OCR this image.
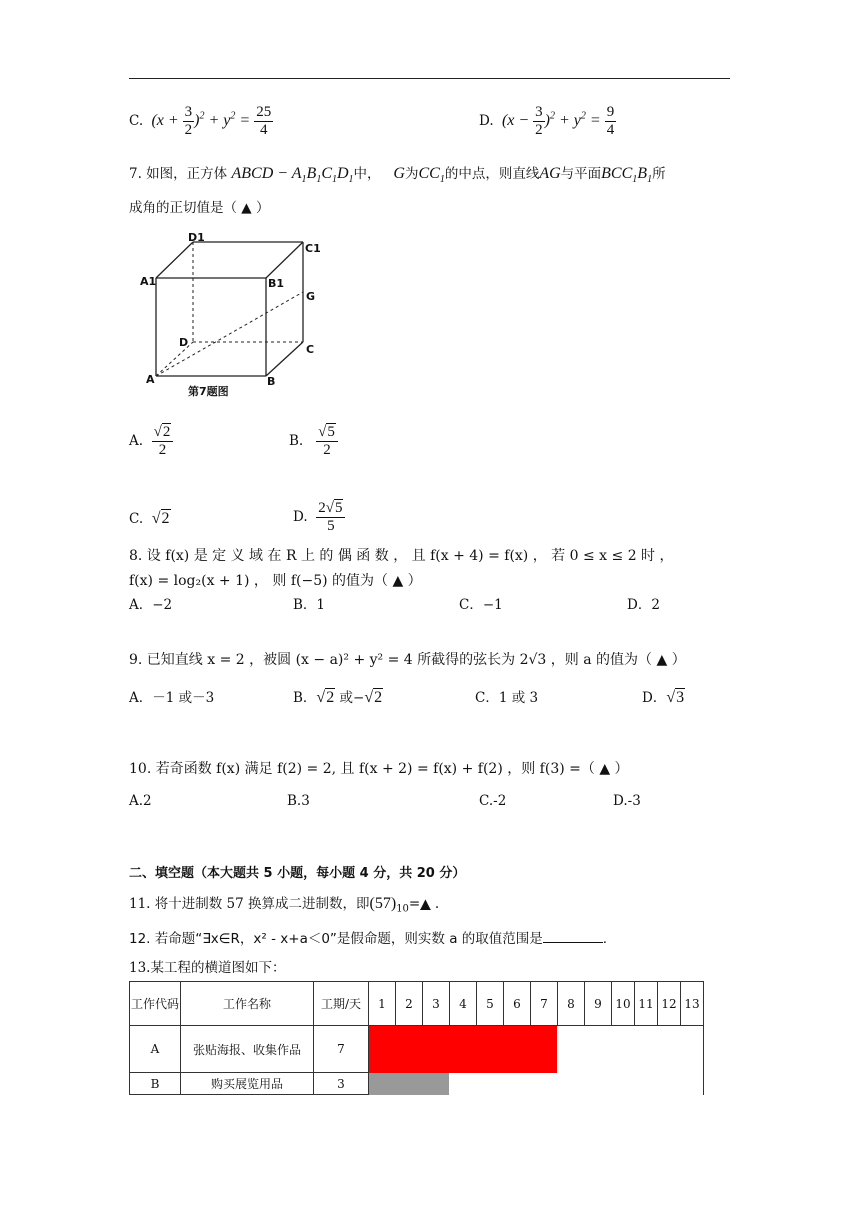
C.  $(x + \frac{3}{2} )^2 + y^2 = \frac{25}{4}$	D.  $(x - \frac{3}{2} )^2 + y^2 = \frac{9}{4}$
7. 如图，正方体 ABCD − $A_1B_1C_1D_1$中， G为$CC_1$的中点，则直线AG与平面$BCC_1B_1$所
成角的正切值是（ ▲ ）
D1
C1
A1	B1
G
D
C
A	B
第7题图
A. $\frac{√2}{2}$	B. $\frac{√5}{2}$
C. √2	D. $\frac{2√5}{5}$
8. 设 f(x) 是 定 义 域 在 R 上 的 偶 函 数 ， 且 f(x + 4) = f(x) ， 若 0 ≤ x ≤ 2 时 ，
f(x) = log₂(x + 1) ， 则 f(−5) 的值为（ ▲ ）
A．−2	B．1	C．−1	D．2
9. 已知直线 x = 2 ，被圆 (x − a)² + y² = 4 所截得的弦长为 2√3 ，则 a 的值为（ ▲ ）
A．－1 或－3	B．√2 或−√2	C．1 或 3	D．√3
10. 若奇函数 f(x) 满足 f(2) = 2, 且 f(x + 2) = f(x) + f(2) ，则 f(3) =（ ▲ ）
A.2	B.3	C.-2	D.-3
二、填空题（本大题共 5 小题，每小题 4 分，共 20 分）
11. 将十进制数 57 换算成二进制数，即$(57)_{10}=▲$ .
12. 若命题“∃x∈R，x² - x+a＜0”是假命题，则实数 a 的取值范围是	.
13.某工程的横道图如下：
工作代码	工作名称	工期/天	1	2	3	4	5	6	7	8	9	10	11	12	13
A	张贴海报、收集作品	7													

B	购买展览用品	3													
